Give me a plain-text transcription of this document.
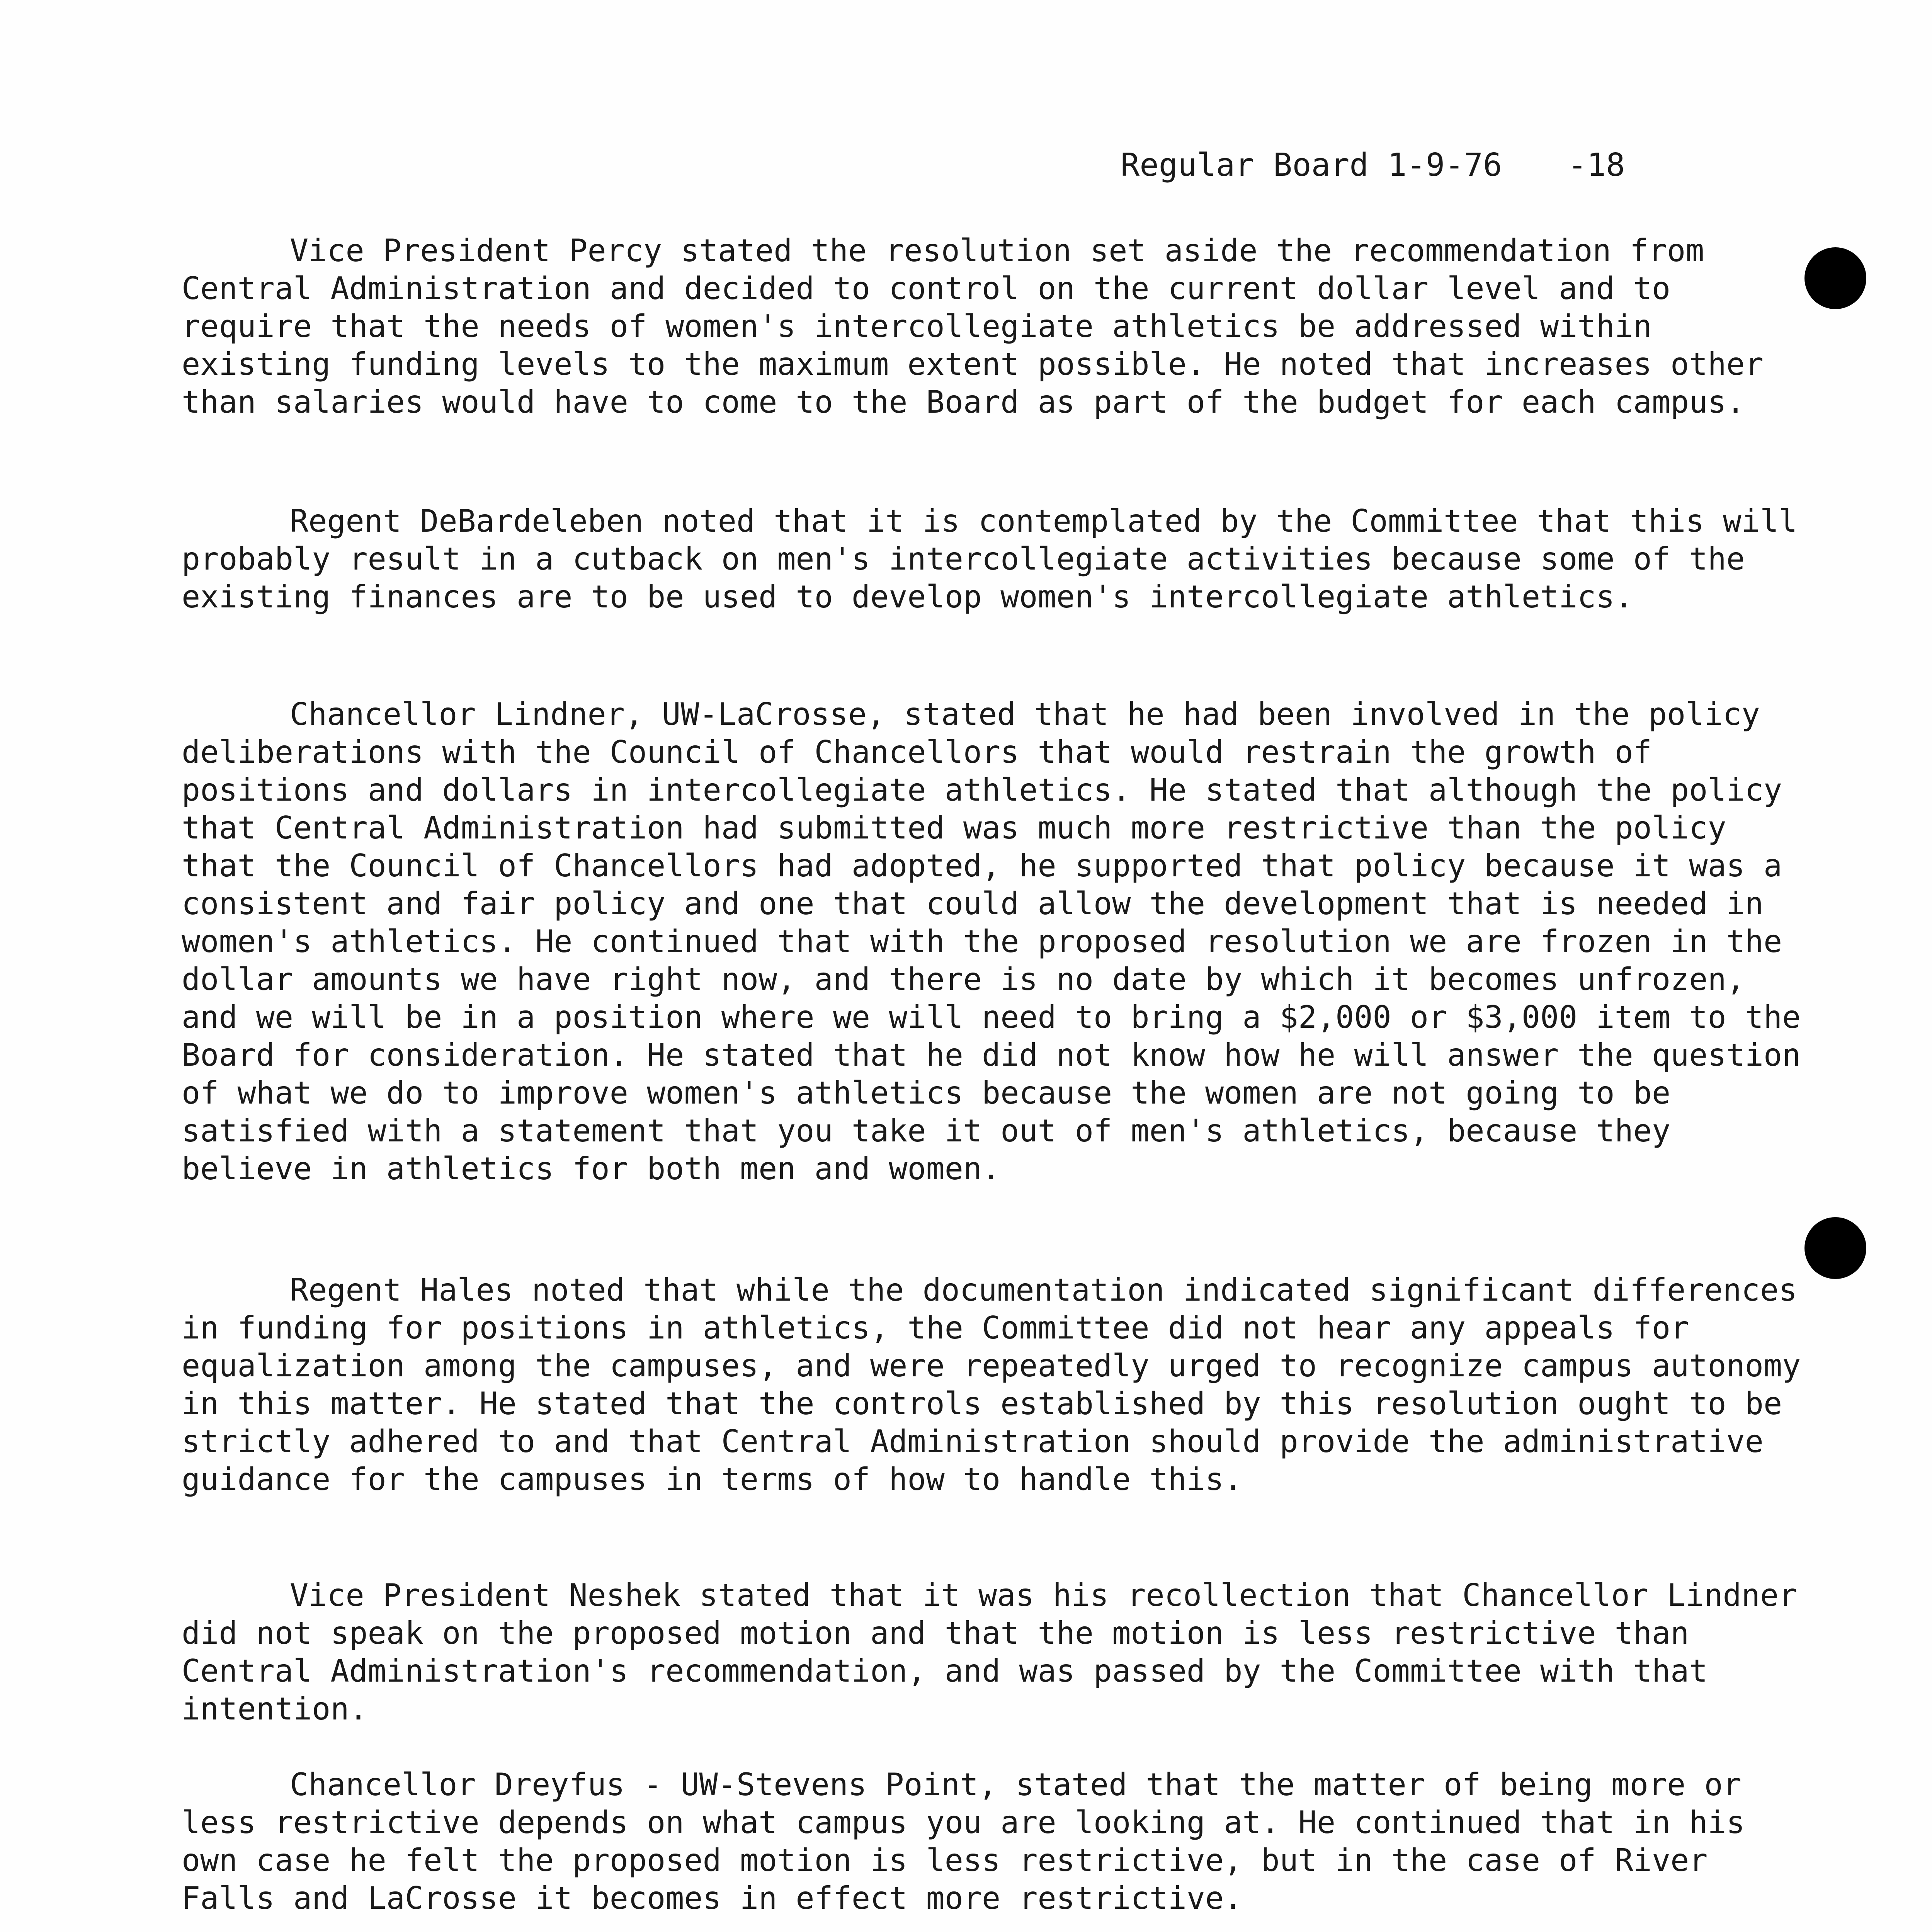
Regular Board 1-9-76 -18

Vice President Percy stated the resolution set aside the recommendation from Central Administration and decided to control on the current dollar level and to require that the needs of women's intercollegiate athletics be addressed within existing funding levels to the maximum extent possible. He noted that increases other than salaries would have to come to the Board as part of the budget for each campus.

Regent DeBardeleben noted that it is contemplated by the Committee that this will probably result in a cutback on men's intercollegiate activities because some of the existing finances are to be used to develop women's intercollegiate athletics.

Chancellor Lindner, UW-LaCrosse, stated that he had been involved in the policy deliberations with the Council of Chancellors that would restrain the growth of positions and dollars in intercollegiate athletics. He stated that although the policy that Central Administration had submitted was much more restrictive than the policy that the Council of Chancellors had adopted, he supported that policy because it was a consistent and fair policy and one that could allow the development that is needed in women's athletics. He continued that with the proposed resolution we are frozen in the dollar amounts we have right now, and there is no date by which it becomes unfrozen, and we will be in a position where we will need to bring a $2,000 or $3,000 item to the Board for consideration. He stated that he did not know how he will answer the question of what we do to improve women's athletics because the women are not going to be satisfied with a statement that you take it out of men's athletics, because they believe in athletics for both men and women.

Regent Hales noted that while the documentation indicated significant differences in funding for positions in athletics, the Committee did not hear any appeals for equalization among the campuses, and were repeatedly urged to recognize campus autonomy in this matter. He stated that the controls established by this resolution ought to be strictly adhered to and that Central Administration should provide the administrative guidance for the campuses in terms of how to handle this.

Vice President Neshek stated that it was his recollection that Chancellor Lindner did not speak on the proposed motion and that the motion is less restrictive than Central Administration's recommendation, and was passed by the Committee with that intention.

Chancellor Dreyfus - UW-Stevens Point, stated that the matter of being more or less restrictive depends on what campus you are looking at. He continued that in his own case he felt the proposed motion is less restrictive, but in the case of River Falls and LaCrosse it becomes in effect more restrictive.
